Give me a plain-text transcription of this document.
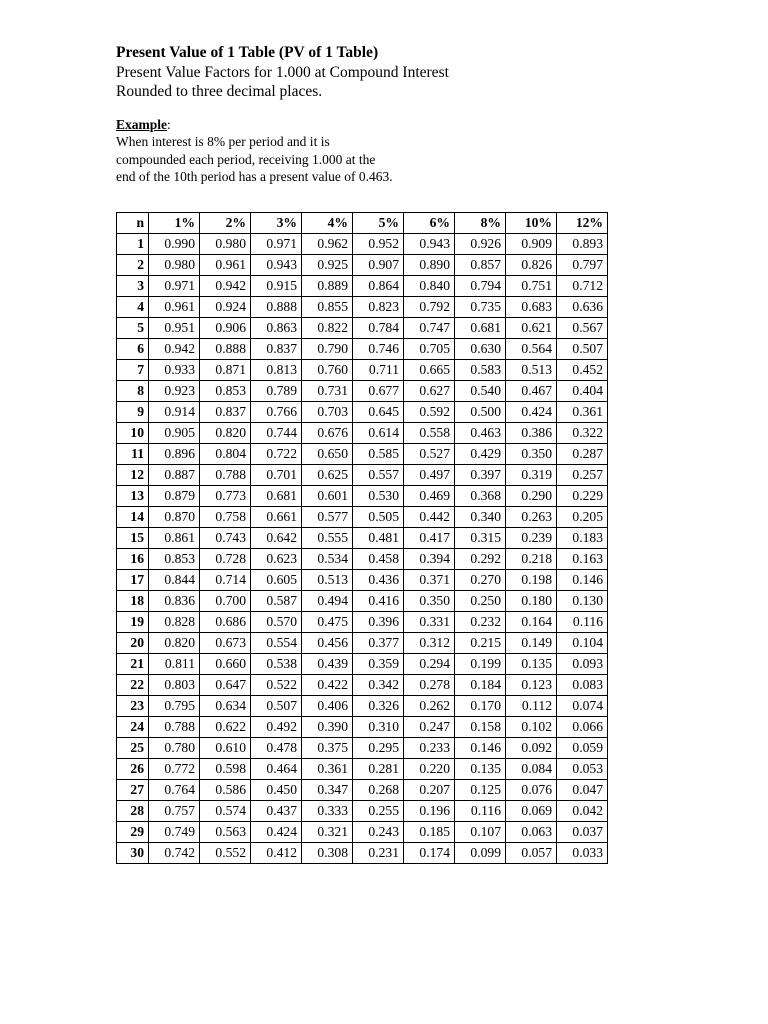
Present Value of 1 Table (PV of 1 Table)
Present Value Factors for 1.000 at Compound Interest
Rounded to three decimal places.
Example:
When interest is 8% per period and it is
compounded each period, receiving 1.000 at the
end of the 10th period has a present value of 0.463.
n	1%	2%	3%	4%	5%	6%	8%	10%	12%
1	0.990	0.980	0.971	0.962	0.952	0.943	0.926	0.909	0.893
2	0.980	0.961	0.943	0.925	0.907	0.890	0.857	0.826	0.797
3	0.971	0.942	0.915	0.889	0.864	0.840	0.794	0.751	0.712
4	0.961	0.924	0.888	0.855	0.823	0.792	0.735	0.683	0.636
5	0.951	0.906	0.863	0.822	0.784	0.747	0.681	0.621	0.567
6	0.942	0.888	0.837	0.790	0.746	0.705	0.630	0.564	0.507
7	0.933	0.871	0.813	0.760	0.711	0.665	0.583	0.513	0.452
8	0.923	0.853	0.789	0.731	0.677	0.627	0.540	0.467	0.404
9	0.914	0.837	0.766	0.703	0.645	0.592	0.500	0.424	0.361
10	0.905	0.820	0.744	0.676	0.614	0.558	0.463	0.386	0.322
11	0.896	0.804	0.722	0.650	0.585	0.527	0.429	0.350	0.287
12	0.887	0.788	0.701	0.625	0.557	0.497	0.397	0.319	0.257
13	0.879	0.773	0.681	0.601	0.530	0.469	0.368	0.290	0.229
14	0.870	0.758	0.661	0.577	0.505	0.442	0.340	0.263	0.205
15	0.861	0.743	0.642	0.555	0.481	0.417	0.315	0.239	0.183
16	0.853	0.728	0.623	0.534	0.458	0.394	0.292	0.218	0.163
17	0.844	0.714	0.605	0.513	0.436	0.371	0.270	0.198	0.146
18	0.836	0.700	0.587	0.494	0.416	0.350	0.250	0.180	0.130
19	0.828	0.686	0.570	0.475	0.396	0.331	0.232	0.164	0.116
20	0.820	0.673	0.554	0.456	0.377	0.312	0.215	0.149	0.104
21	0.811	0.660	0.538	0.439	0.359	0.294	0.199	0.135	0.093
22	0.803	0.647	0.522	0.422	0.342	0.278	0.184	0.123	0.083
23	0.795	0.634	0.507	0.406	0.326	0.262	0.170	0.112	0.074
24	0.788	0.622	0.492	0.390	0.310	0.247	0.158	0.102	0.066
25	0.780	0.610	0.478	0.375	0.295	0.233	0.146	0.092	0.059
26	0.772	0.598	0.464	0.361	0.281	0.220	0.135	0.084	0.053
27	0.764	0.586	0.450	0.347	0.268	0.207	0.125	0.076	0.047
28	0.757	0.574	0.437	0.333	0.255	0.196	0.116	0.069	0.042
29	0.749	0.563	0.424	0.321	0.243	0.185	0.107	0.063	0.037
30	0.742	0.552	0.412	0.308	0.231	0.174	0.099	0.057	0.033
